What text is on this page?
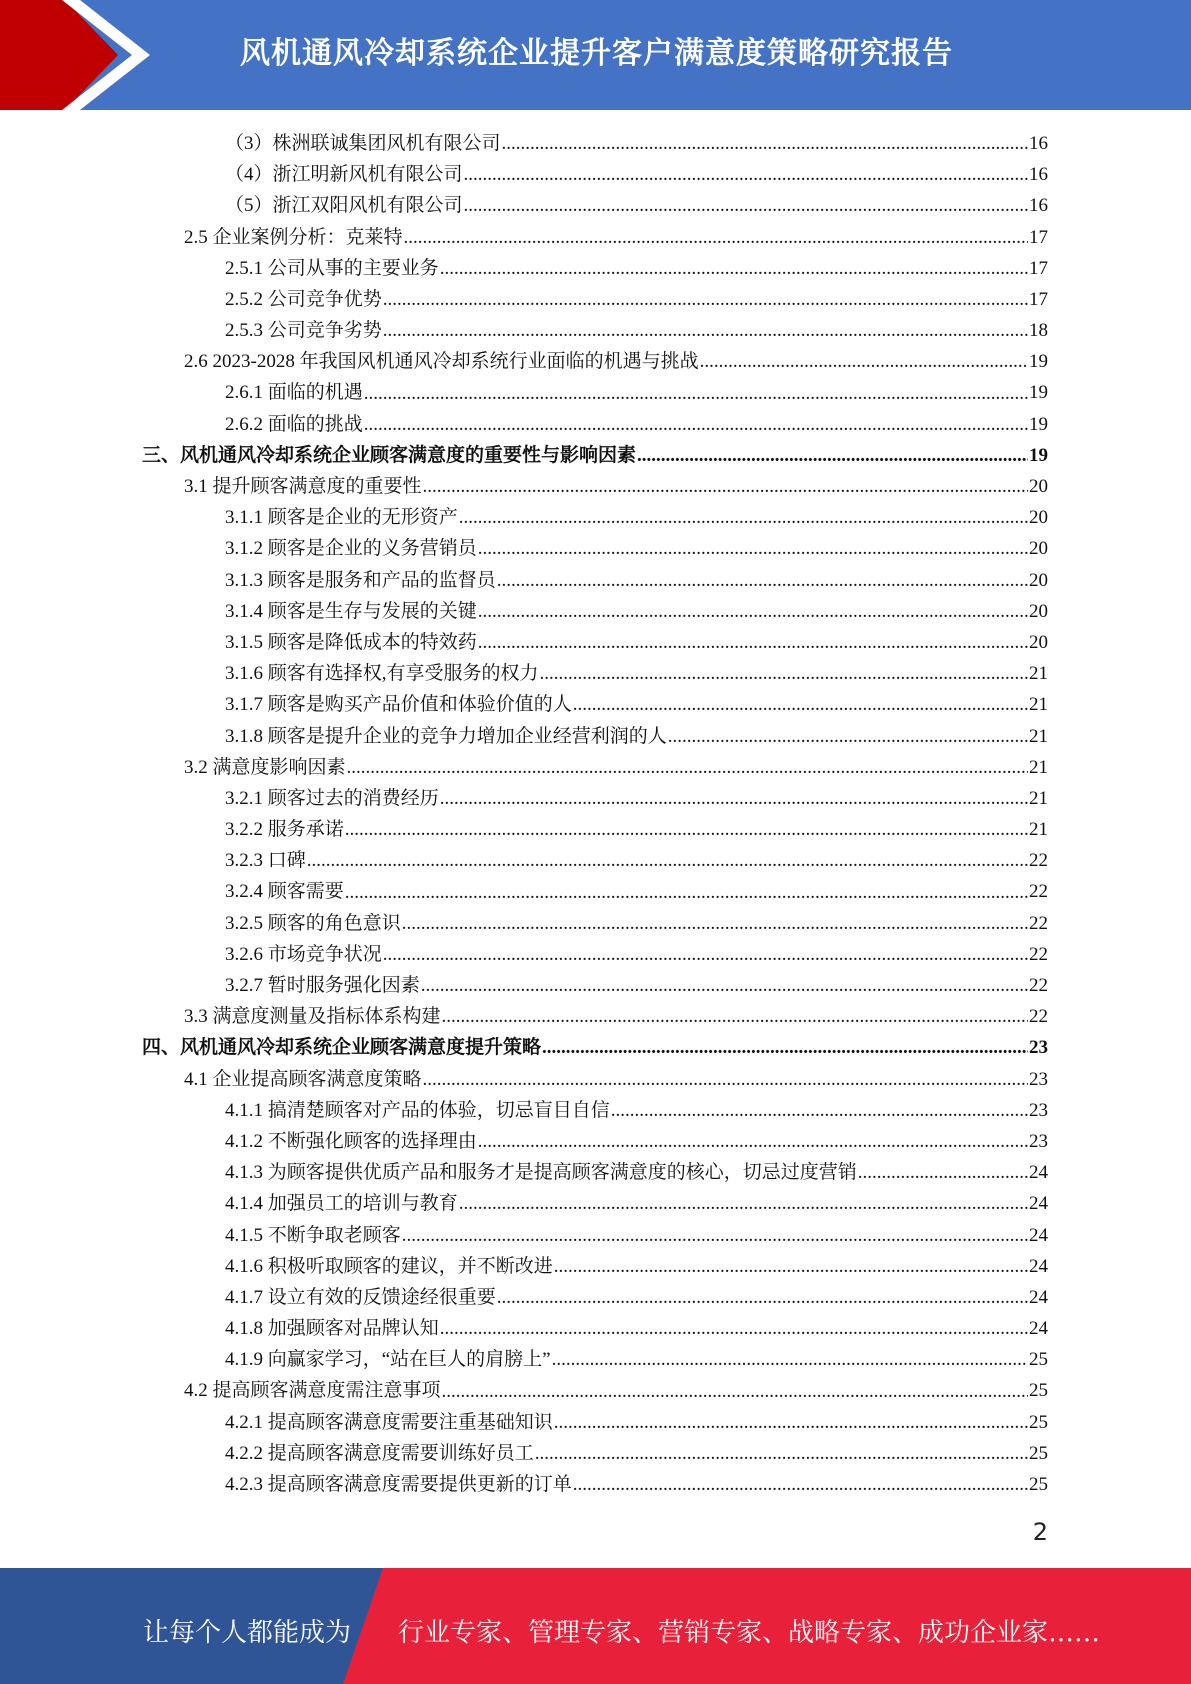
风机通风冷却系统企业提升客户满意度策略研究报告
（3）株洲联诚集团风机有限公司 .....	16
（4）浙江明新风机有限公司 .....	16
（5）浙江双阳风机有限公司 .....	16
2.5 企业案例分析：克莱特 .....	17
2.5.1 公司从事的主要业务 .....	17
2.5.2 公司竞争优势 .....	17
2.5.3 公司竞争劣势 .....	18
2.6 2023-2028 年我国风机通风冷却系统行业面临的机遇与挑战 .....	19
2.6.1 面临的机遇 .....	19
2.6.2 面临的挑战 .....	19
三、风机通风冷却系统企业顾客满意度的重要性与影响因素 .....	19
3.1 提升顾客满意度的重要性 .....	20
3.1.1 顾客是企业的无形资产 .....	20
3.1.2 顾客是企业的义务营销员 .....	20
3.1.3 顾客是服务和产品的监督员 .....	20
3.1.4 顾客是生存与发展的关键 .....	20
3.1.5 顾客是降低成本的特效药 .....	20
3.1.6 顾客有选择权,有享受服务的权力 .....	21
3.1.7 顾客是购买产品价值和体验价值的人 .....	21
3.1.8 顾客是提升企业的竞争力增加企业经营利润的人 .....	21
3.2 满意度影响因素 .....	21
3.2.1 顾客过去的消费经历 .....	21
3.2.2 服务承诺 .....	21
3.2.3 口碑 .....	22
3.2.4 顾客需要 .....	22
3.2.5 顾客的角色意识 .....	22
3.2.6 市场竞争状况 .....	22
3.2.7 暂时服务强化因素 .....	22
3.3 满意度测量及指标体系构建 .....	22
四、风机通风冷却系统企业顾客满意度提升策略 .....	23
4.1 企业提高顾客满意度策略 .....	23
4.1.1 搞清楚顾客对产品的体验，切忌盲目自信 .....	23
4.1.2 不断强化顾客的选择理由 .....	23
4.1.3 为顾客提供优质产品和服务才是提高顾客满意度的核心，切忌过度营销 .....	24
4.1.4 加强员工的培训与教育 .....	24
4.1.5 不断争取老顾客 .....	24
4.1.6 积极听取顾客的建议，并不断改进 .....	24
4.1.7 设立有效的反馈途经很重要 .....	24
4.1.8 加强顾客对品牌认知 .....	24
4.1.9 向赢家学习，“站在巨人的肩膀上” .....	25
4.2 提高顾客满意度需注意事项 .....	25
4.2.1 提高顾客满意度需要注重基础知识 .....	25
4.2.2 提高顾客满意度需要训练好员工 .....	25
4.2.3 提高顾客满意度需要提供更新的订单 .....	25
2
让每个人都能成为 行业专家、管理专家、营销专家、战略专家、成功企业家……
